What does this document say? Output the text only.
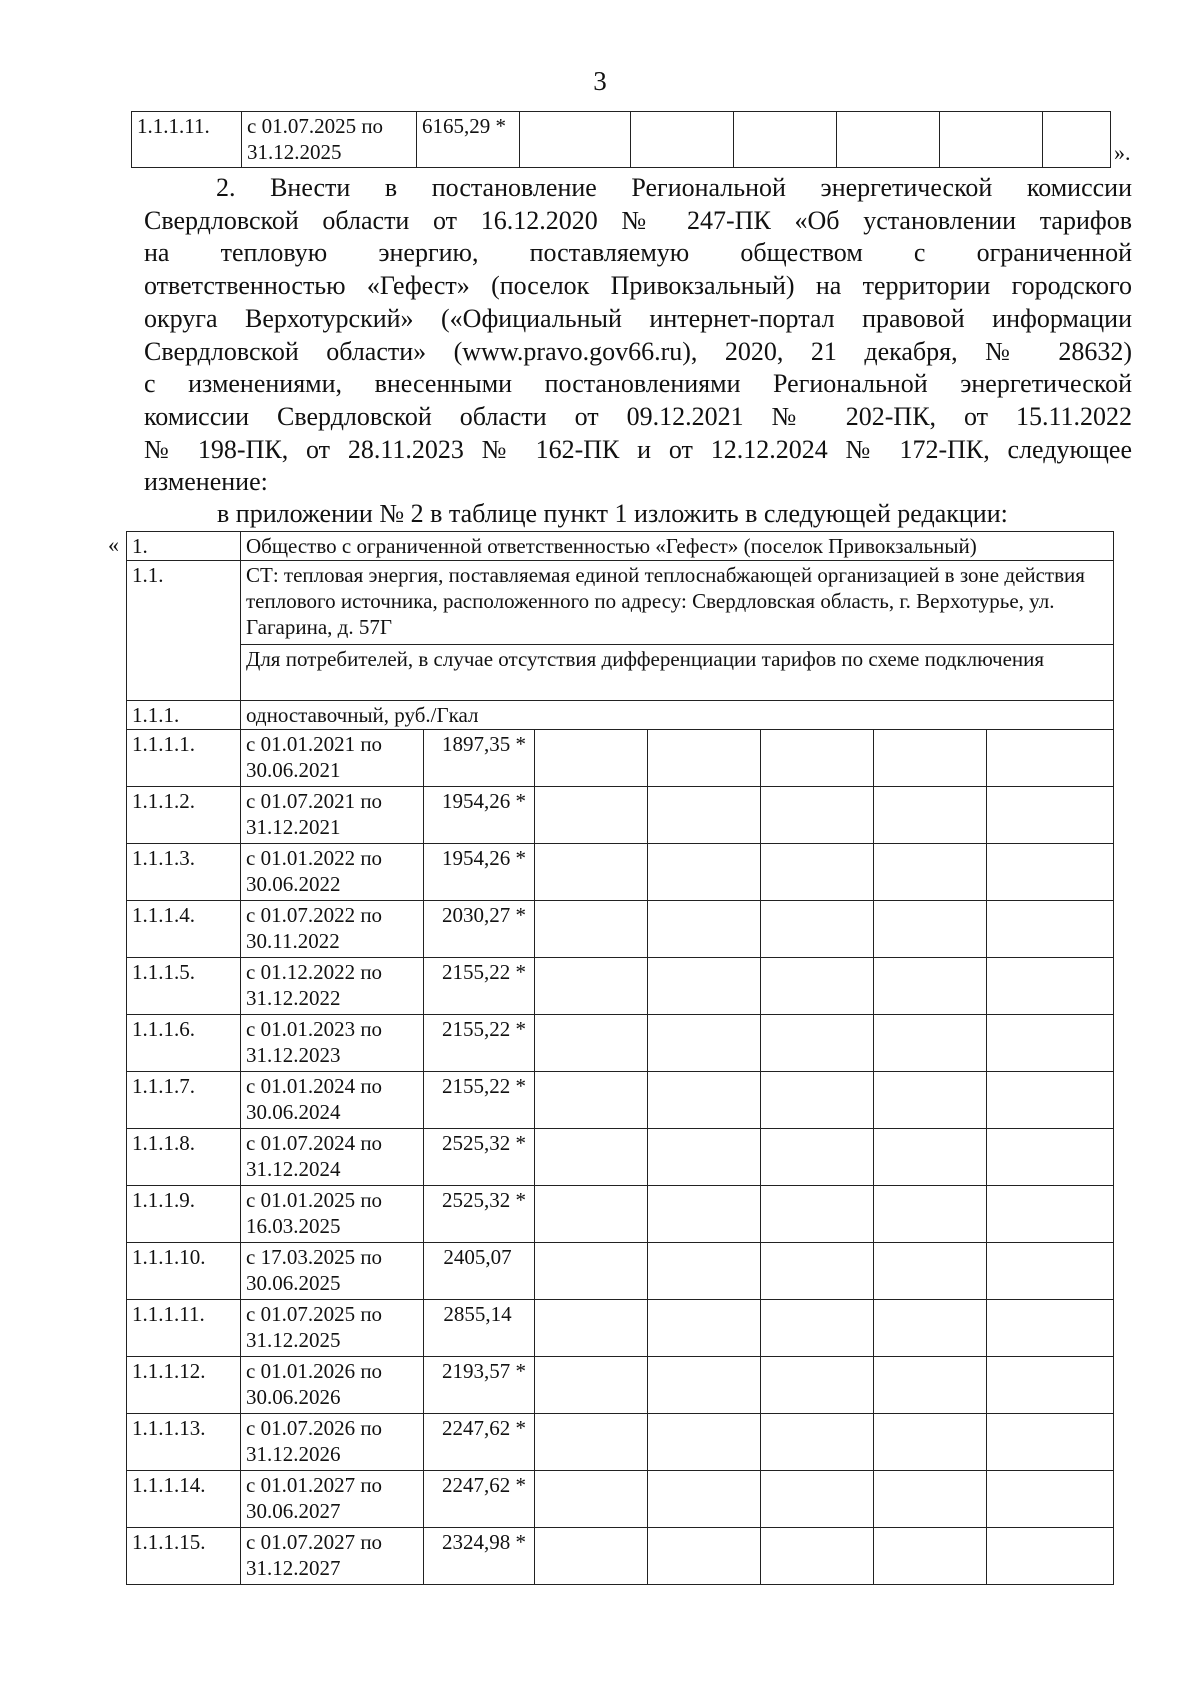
3
1.1.1.11.	с 01.07.2025 по 31.12.2025	6165,29 *						
».
2. Внести в постановление Региональной энергетической комиссии
Свердловской области от 16.12.2020 № 247-ПК «Об установлении тарифов
на тепловую энергию, поставляемую обществом с ограниченной
ответственностью «Гефест» (поселок Привокзальный) на территории городского
округа Верхотурский» («Официальный интернет-портал правовой информации
Свердловской области» (www.pravo.gov66.ru), 2020, 21 декабря, № 28632)
с изменениями, внесенными постановлениями Региональной энергетической
комиссии Свердловской области от 09.12.2021 № 202-ПК, от 15.11.2022
№ 198-ПК, от 28.11.2023 № 162-ПК и от 12.12.2024 № 172-ПК, следующее
изменение:
в приложении № 2 в таблице пункт 1 изложить в следующей редакции:
« 1.	Общество с ограниченной ответственностью «Гефест» (поселок Привокзальный)						
1.1.	СТ: тепловая энергия, поставляемая единой теплоснабжающей организацией в зоне действия теплового источника, расположенного по адресу: Свердловская область, г. Верхотурье, ул. Гагарина, д. 57Г						
	Для потребителей, в случае отсутствия дифференциации тарифов по схеме подключения						
1.1.1.	одноставочный, руб./Гкал						
1.1.1.1.	с 01.01.2021 по 30.06.2021	1897,35 *					
1.1.1.2.	с 01.07.2021 по 31.12.2021	1954,26 *					
1.1.1.3.	с 01.01.2022 по 30.06.2022	1954,26 *					
1.1.1.4.	с 01.07.2022 по 30.11.2022	2030,27 *					
1.1.1.5.	с 01.12.2022 по 31.12.2022	2155,22 *					
1.1.1.6.	с 01.01.2023 по 31.12.2023	2155,22 *					
1.1.1.7.	с 01.01.2024 по 30.06.2024	2155,22 *					
1.1.1.8.	с 01.07.2024 по 31.12.2024	2525,32 *					
1.1.1.9.	с 01.01.2025 по 16.03.2025	2525,32 *					
1.1.1.10.	с 17.03.2025 по 30.06.2025	2405,07					
1.1.1.11.	с 01.07.2025 по 31.12.2025	2855,14					
1.1.1.12.	с 01.01.2026 по 30.06.2026	2193,57 *					
1.1.1.13.	с 01.07.2026 по 31.12.2026	2247,62 *					
1.1.1.14.	с 01.01.2027 по 30.06.2027	2247,62 *					
1.1.1.15.	с 01.07.2027 по 31.12.2027	2324,98 *					
